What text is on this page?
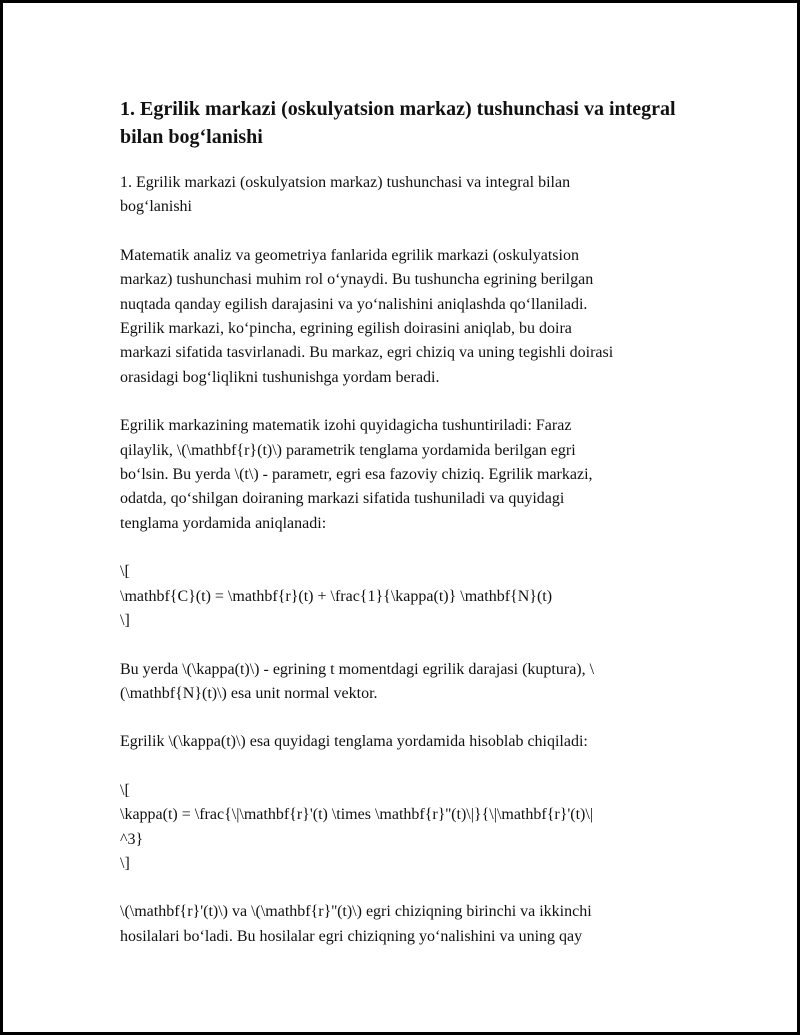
1. Egrilik markazi (oskulyatsion markaz) tushunchasi va integral bilan bog‘lanishi

1. Egrilik markazi (oskulyatsion markaz) tushunchasi va integral bilan
bog‘lanishi

Matematik analiz va geometriya fanlarida egrilik markazi (oskulyatsion
markaz) tushunchasi muhim rol o‘ynaydi. Bu tushuncha egrining berilgan
nuqtada qanday egilish darajasini va yo‘nalishini aniqlashda qo‘llaniladi.
Egrilik markazi, ko‘pincha, egrining egilish doirasini aniqlab, bu doira
markazi sifatida tasvirlanadi. Bu markaz, egri chiziq va uning tegishli doirasi
orasidagi bog‘liqlikni tushunishga yordam beradi.

Egrilik markazining matematik izohi quyidagicha tushuntiriladi: Faraz
qilaylik, \(\mathbf{r}(t)\) parametrik tenglama yordamida berilgan egri
bo‘lsin. Bu yerda \(t\) - parametr, egri esa fazoviy chiziq. Egrilik markazi,
odatda, qo‘shilgan doiraning markazi sifatida tushuniladi va quyidagi
tenglama yordamida aniqlanadi:

\[
\mathbf{C}(t) = \mathbf{r}(t) + \frac{1}{\kappa(t)} \mathbf{N}(t)
\]

Bu yerda \(\kappa(t)\) - egrining t momentdagi egrilik darajasi (kuptura), \
(\mathbf{N}(t)\) esa unit normal vektor.

Egrilik \(\kappa(t)\) esa quyidagi tenglama yordamida hisoblab chiqiladi:

\[
\kappa(t) = \frac{\|\mathbf{r}'(t) \times \mathbf{r}''(t)\|}{\|\mathbf{r}'(t)\|
^3}
\]

\(\mathbf{r}'(t)\) va \(\mathbf{r}''(t)\) egri chiziqning birinchi va ikkinchi
hosilalari bo‘ladi. Bu hosilalar egri chiziqning yo‘nalishini va uning qay
